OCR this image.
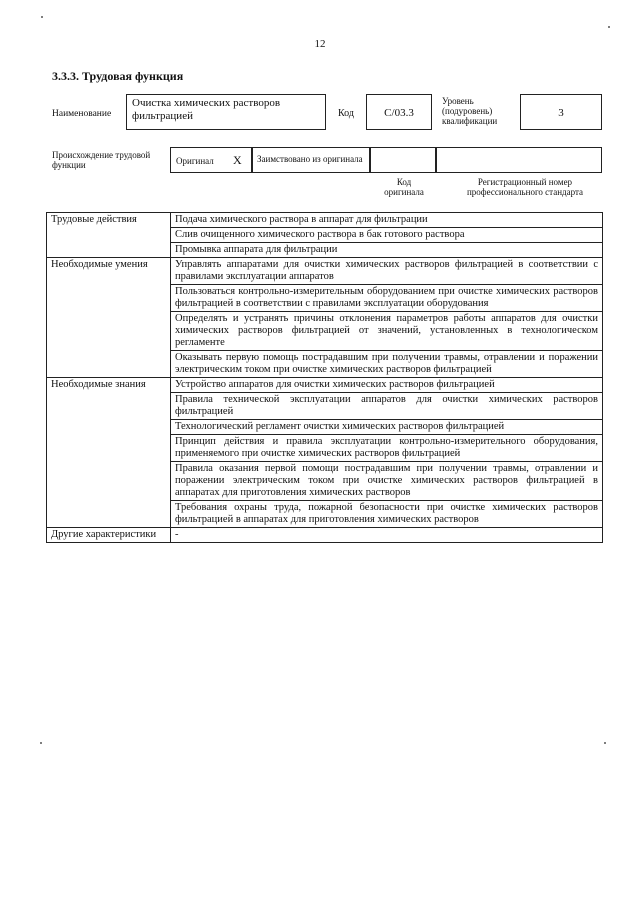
12
3.3.3. Трудовая функция
Наименование
Очистка химических растворов фильтрацией	Код	C/03.3
Уровень (подуровень) квалификации
3
Происхождение трудовой функции	Оригинал X	Заимствовано из оригинала
Код оригинала
Регистрационный номер профессионального стандарта
Трудовые действия	Подача химического раствора в аппарат для фильтрации
	Слив очищенного химического раствора в бак готового раствора
	Промывка аппарата для фильтрации
Необходимые умения	Управлять аппаратами для очистки химических растворов фильтрацией в соответствии с правилами эксплуатации аппаратов
	Пользоваться контрольно-измерительным оборудованием при очистке химических растворов фильтрацией в соответствии с правилами эксплуатации оборудования
	Определять и устранять причины отклонения параметров работы аппаратов для очистки химических растворов фильтрацией от значений, установленных в технологическом регламенте
	Оказывать первую помощь пострадавшим при получении травмы, отравлении и поражении электрическим током при очистке химических растворов фильтрацией
Необходимые знания	Устройство аппаратов для очистки химических растворов фильтрацией
	Правила технической эксплуатации аппаратов для очистки химических растворов фильтрацией
	Технологический регламент очистки химических растворов фильтрацией
	Принцип действия и правила эксплуатации контрольно-измерительного оборудования, применяемого при очистке химических растворов фильтрацией
	Правила оказания первой помощи пострадавшим при получении травмы, отравлении и поражении электрическим током при очистке химических растворов фильтрацией в аппаратах для приготовления химических растворов
	Требования охраны труда, пожарной безопасности при очистке химических растворов фильтрацией в аппаратах для приготовления химических растворов
Другие характеристики	-
